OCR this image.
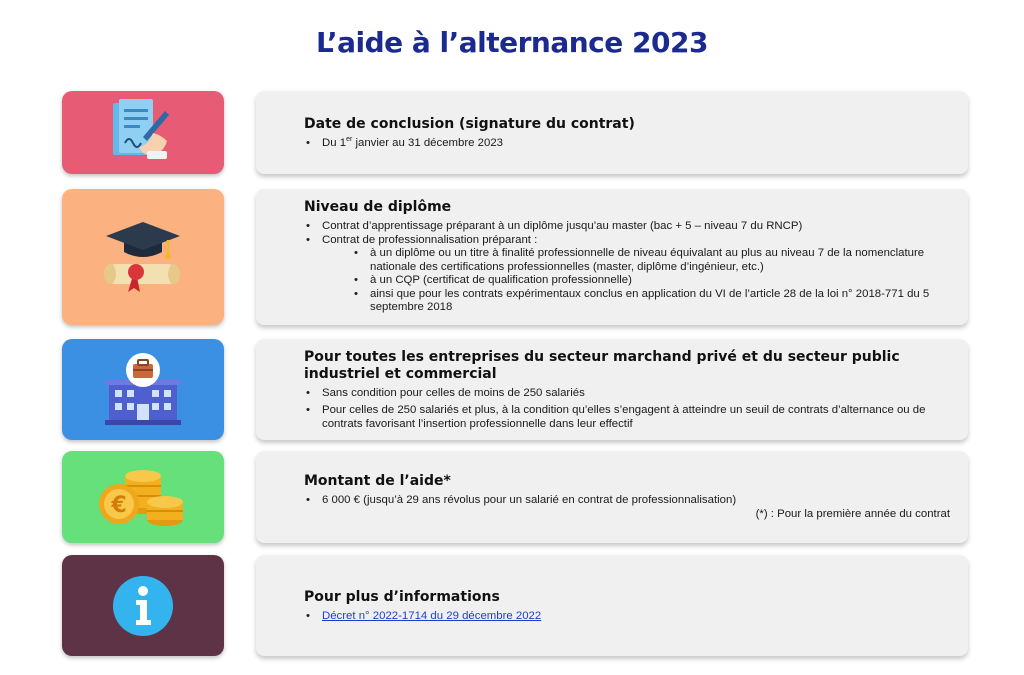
L’aide à l’alternance 2023
Date de conclusion (signature du contrat)
• Du 1er janvier au 31 décembre 2023
Niveau de diplôme
• Contrat d’apprentissage préparant à un diplôme jusqu’au master (bac + 5 – niveau 7 du RNCP)
• Contrat de professionnalisation préparant :
• à un diplôme ou un titre à finalité professionnelle de niveau équivalant au plus au niveau 7 de la nomenclature nationale des certifications professionnelles (master, diplôme d’ingénieur, etc.)
• à un CQP (certificat de qualification professionnelle)
• ainsi que pour les contrats expérimentaux conclus en application du VI de l’article 28 de la loi n° 2018-771 du 5 septembre 2018
Pour toutes les entreprises du secteur marchand privé et du secteur public industriel et commercial
• Sans condition pour celles de moins de 250 salariés
• Pour celles de 250 salariés et plus, à la condition qu’elles s’engagent à atteindre un seuil de contrats d’alternance ou de contrats favorisant l’insertion professionnelle dans leur effectif
€
Montant de l’aide*
• 6 000 € (jusqu’à 29 ans révolus pour un salarié en contrat de professionnalisation)
(*) : Pour la première année du contrat
Pour plus d’informations
• Décret n° 2022-1714 du 29 décembre 2022
